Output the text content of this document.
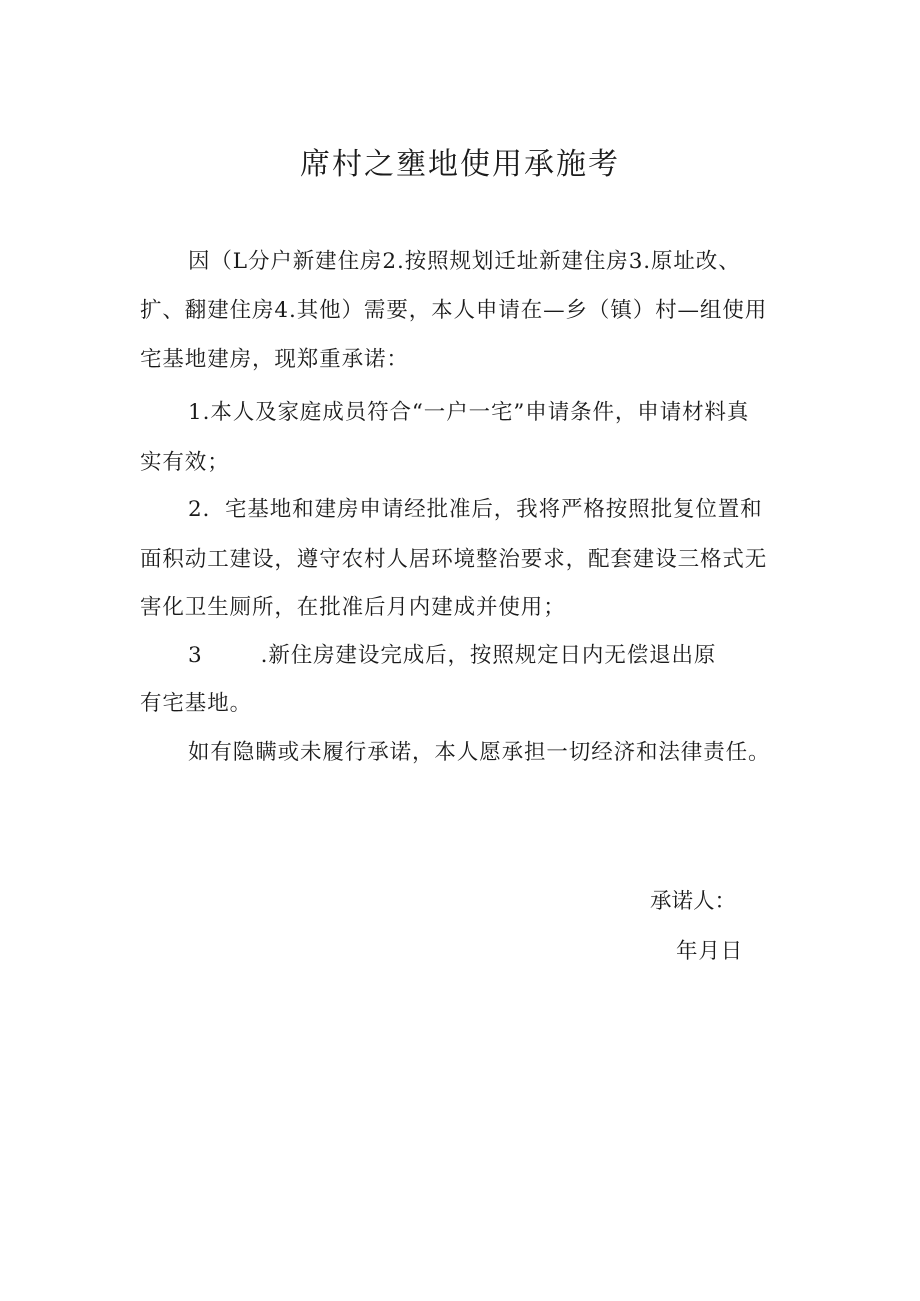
席村之壅地使用承施考
因（L分户新建住房2.按照规划迁址新建住房3.原址改、
扩、翻建住房4.其他）需要，本人申请在—乡（镇）村—组使用
宅基地建房，现郑重承诺：
1.本人及家庭成员符合“一户一宅”申请条件，申请材料真
实有效；
2．宅基地和建房申请经批准后，我将严格按照批复位置和
面积动工建设，遵守农村人居环境整治要求，配套建设三格式无
害化卫生厕所，在批准后月内建成并使用；
3	.新住房建设完成后，按照规定日内无偿退出原
有宅基地。
如有隐瞒或未履行承诺，本人愿承担一切经济和法律责任。
承诺人：
年月日
